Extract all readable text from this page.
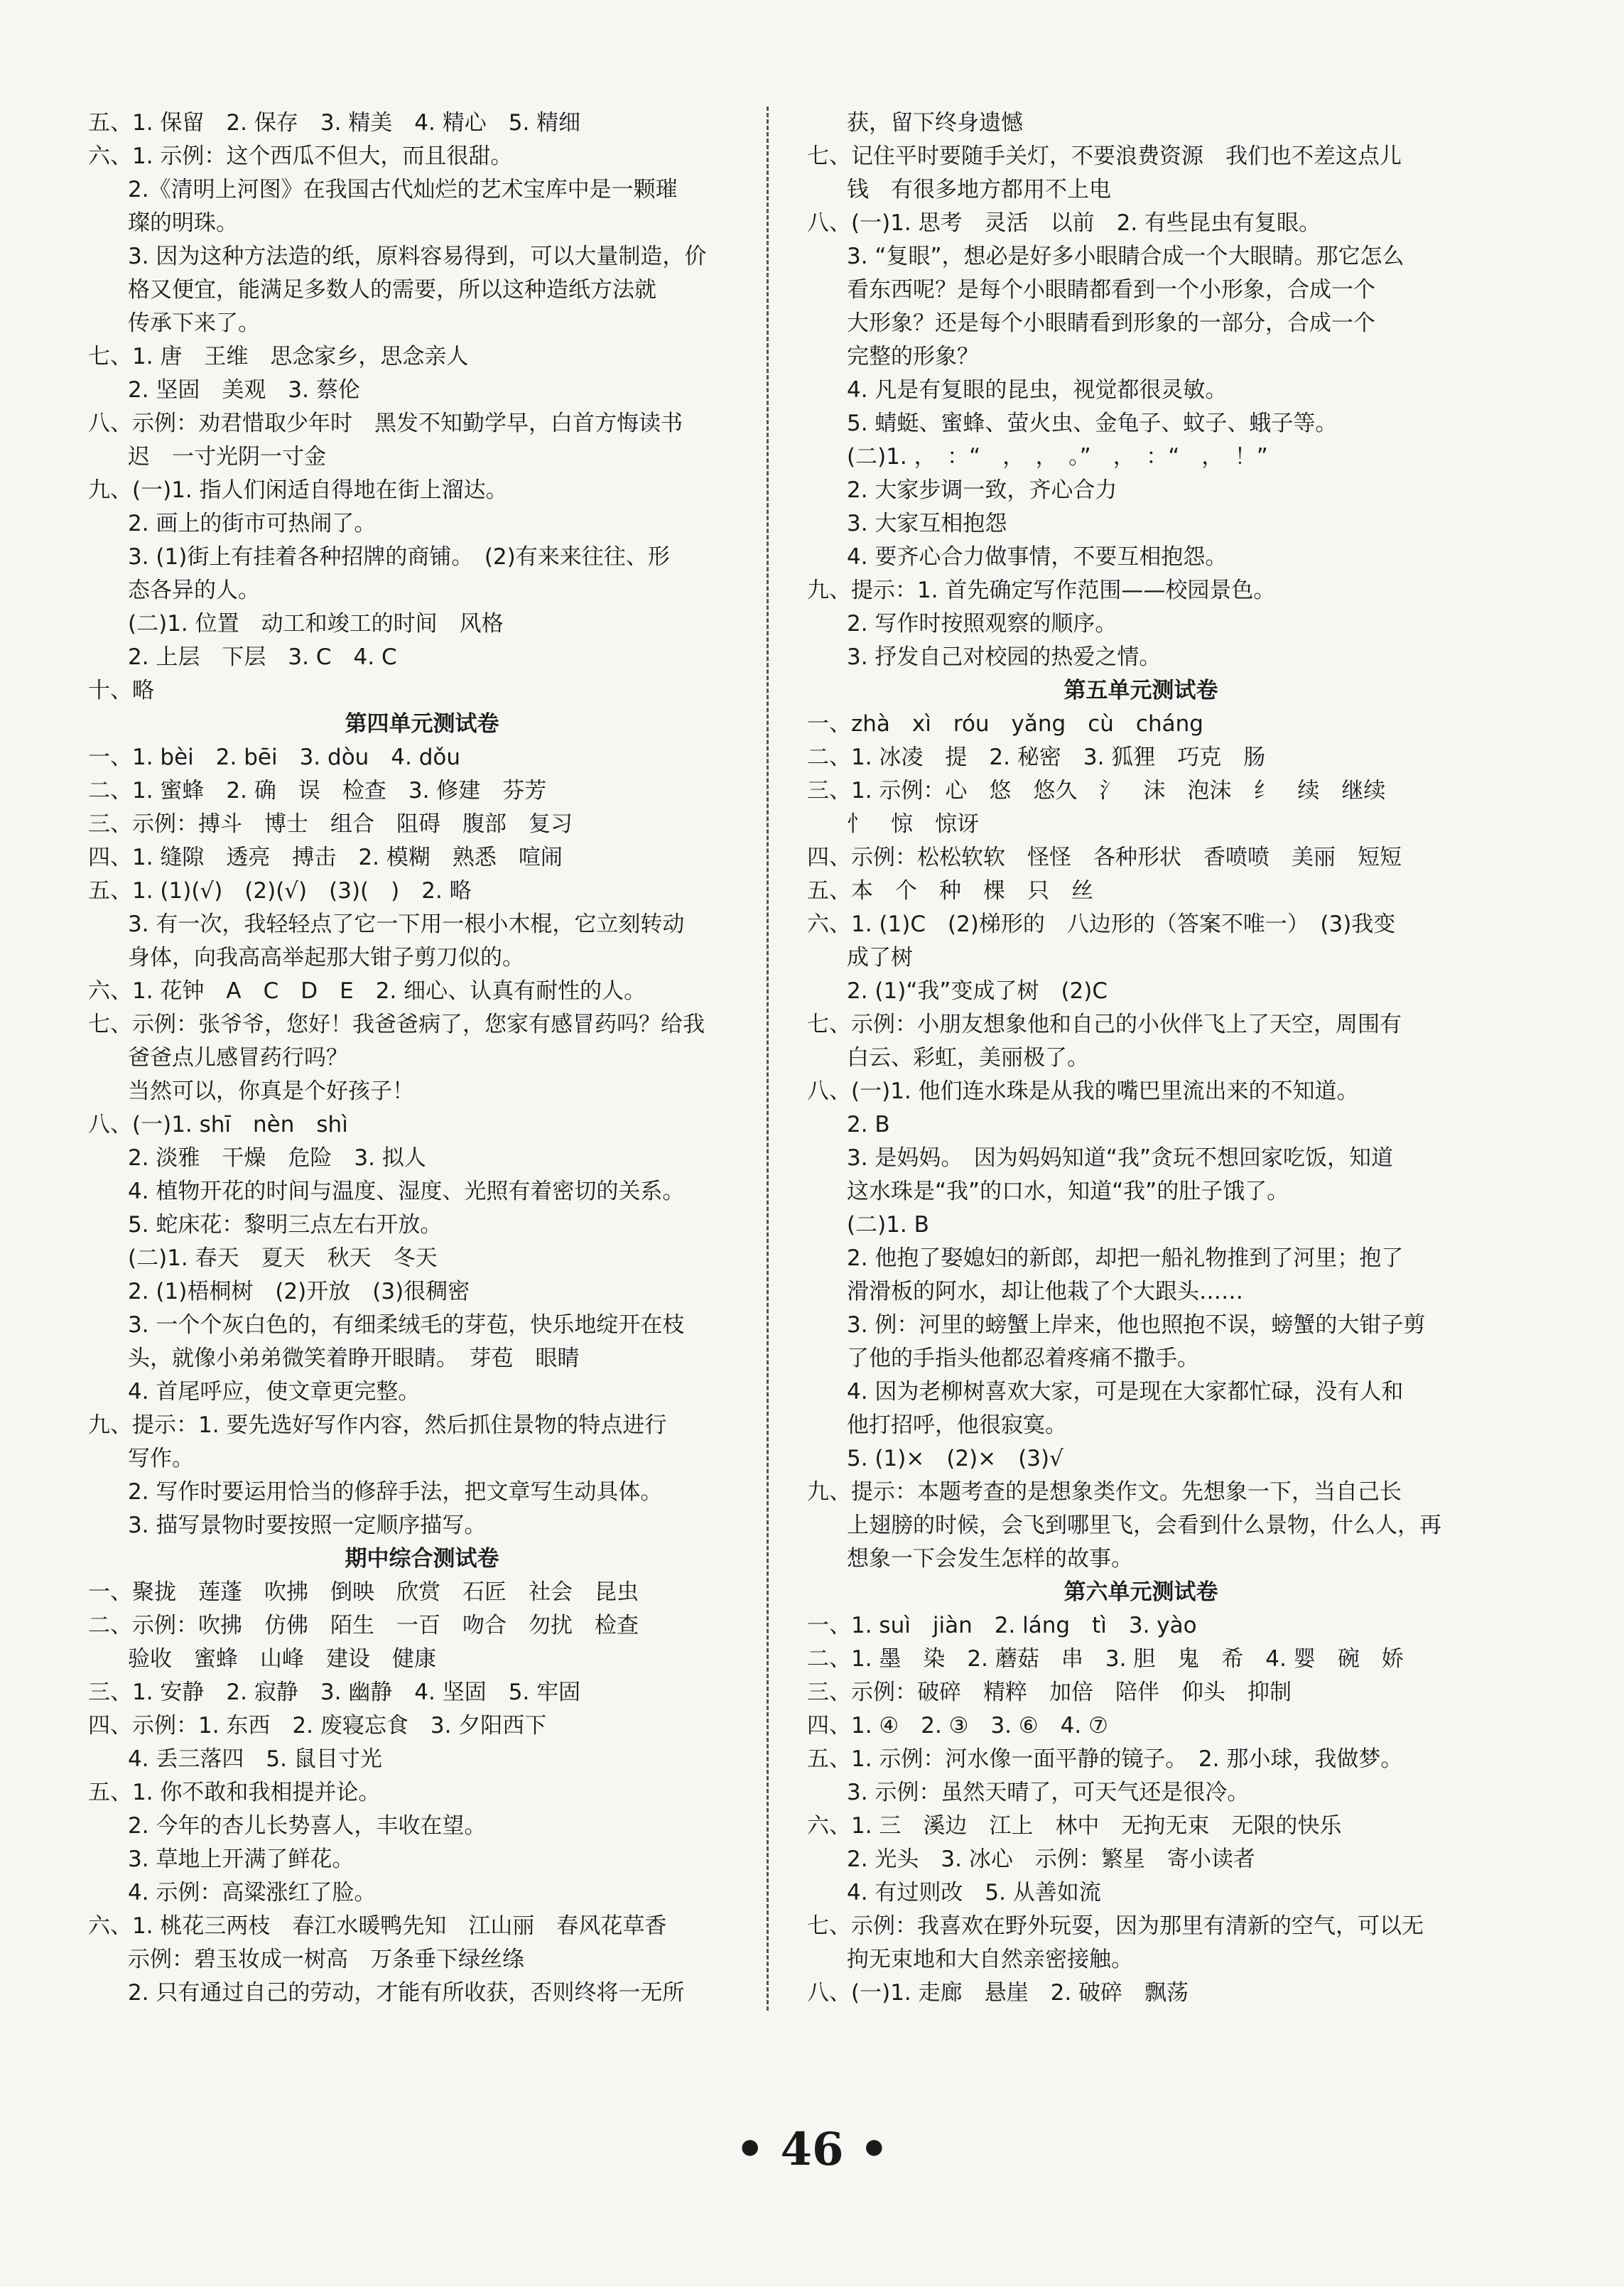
五、1. 保留　2. 保存　3. 精美　4. 精心　5. 精细
六、1. 示例：这个西瓜不但大，而且很甜。
2.《清明上河图》在我国古代灿烂的艺术宝库中是一颗璀
璨的明珠。
3. 因为这种方法造的纸，原料容易得到，可以大量制造，价
格又便宜，能满足多数人的需要，所以这种造纸方法就
传承下来了。
七、1. 唐　王维　思念家乡，思念亲人
2. 坚固　美观　3. 蔡伦
八、示例：劝君惜取少年时　黑发不知勤学早，白首方悔读书
迟　一寸光阴一寸金
九、(一)1. 指人们闲适自得地在街上溜达。
2. 画上的街市可热闹了。
3. (1)街上有挂着各种招牌的商铺。　(2)有来来往往、形
态各异的人。
(二)1. 位置　动工和竣工的时间　风格
2. 上层　下层　3. C　4. C
十、略
第四单元测试卷
一、1. bèi　2. bēi　3. dòu　4. dǒu
二、1. 蜜蜂　2. 确　误　检查　3. 修建　芬芳
三、示例：搏斗　博士　组合　阻碍　腹部　复习
四、1. 缝隙　透亮　搏击　2. 模糊　熟悉　喧闹
五、1. (1)(√)　(2)(√)　(3)(　)　2. 略
3. 有一次，我轻轻点了它一下用一根小木棍，它立刻转动
身体，向我高高举起那大钳子剪刀似的。
六、1. 花钟　A　C　D　E　2. 细心、认真有耐性的人。
七、示例：张爷爷，您好！我爸爸病了，您家有感冒药吗？给我
爸爸点儿感冒药行吗？
当然可以，你真是个好孩子！
八、(一)1. shī　nèn　shì
2. 淡雅　干燥　危险　3. 拟人
4. 植物开花的时间与温度、湿度、光照有着密切的关系。
5. 蛇床花：黎明三点左右开放。
(二)1. 春天　夏天　秋天　冬天
2. (1)梧桐树　(2)开放　(3)很稠密
3. 一个个灰白色的，有细柔绒毛的芽苞，快乐地绽开在枝
头，就像小弟弟微笑着睁开眼睛。　芽苞　眼睛
4. 首尾呼应，使文章更完整。
九、提示：1. 要先选好写作内容，然后抓住景物的特点进行
写作。
2. 写作时要运用恰当的修辞手法，把文章写生动具体。
3. 描写景物时要按照一定顺序描写。
期中综合测试卷
一、聚拢　莲蓬　吹拂　倒映　欣赏　石匠　社会　昆虫
二、示例：吹拂　仿佛　陌生　一百　吻合　勿扰　检查
验收　蜜蜂　山峰　建设　健康
三、1. 安静　2. 寂静　3. 幽静　4. 坚固　5. 牢固
四、示例：1. 东西　2. 废寝忘食　3. 夕阳西下
4. 丢三落四　5. 鼠目寸光
五、1. 你不敢和我相提并论。
2. 今年的杏儿长势喜人，丰收在望。
3. 草地上开满了鲜花。
4. 示例：高粱涨红了脸。
六、1. 桃花三两枝　春江水暖鸭先知　江山丽　春风花草香
示例：碧玉妆成一树高　万条垂下绿丝绦
2. 只有通过自己的劳动，才能有所收获，否则终将一无所
获，留下终身遗憾
七、记住平时要随手关灯，不要浪费资源　我们也不差这点儿
钱　有很多地方都用不上电
八、(一)1. 思考　灵活　以前　2. 有些昆虫有复眼。
3. “复眼”，想必是好多小眼睛合成一个大眼睛。那它怎么
看东西呢？是每个小眼睛都看到一个小形象，合成一个
大形象？还是每个小眼睛看到形象的一部分，合成一个
完整的形象？
4. 凡是有复眼的昆虫，视觉都很灵敏。
5. 蜻蜓、蜜蜂、萤火虫、金龟子、蚊子、蛾子等。
(二)1. ，　：“　，　，　。”　，　：“　，　！”
2. 大家步调一致，齐心合力
3. 大家互相抱怨
4. 要齐心合力做事情，不要互相抱怨。
九、提示：1. 首先确定写作范围——校园景色。
2. 写作时按照观察的顺序。
3. 抒发自己对校园的热爱之情。
第五单元测试卷
一、zhà　xì　róu　yǎng　cù　cháng
二、1. 冰凌　提　2. 秘密　3. 狐狸　巧克　肠
三、1. 示例：心　悠　悠久　氵　沫　泡沫　纟　续　继续
忄　惊　惊讶
四、示例：松松软软　怪怪　各种形状　香喷喷　美丽　短短
五、本　个　种　棵　只　丝
六、1. (1)C　(2)梯形的　八边形的（答案不唯一）　(3)我变
成了树
2. (1)“我”变成了树　(2)C
七、示例：小朋友想象他和自己的小伙伴飞上了天空，周围有
白云、彩虹，美丽极了。
八、(一)1. 他们连水珠是从我的嘴巴里流出来的不知道。
2. B
3. 是妈妈。　因为妈妈知道“我”贪玩不想回家吃饭，知道
这水珠是“我”的口水，知道“我”的肚子饿了。
(二)1. B
2. 他抱了娶媳妇的新郎，却把一船礼物推到了河里；抱了
滑滑板的阿水，却让他栽了个大跟头……
3. 例：河里的螃蟹上岸来，他也照抱不误，螃蟹的大钳子剪
了他的手指头他都忍着疼痛不撒手。
4. 因为老柳树喜欢大家，可是现在大家都忙碌，没有人和
他打招呼，他很寂寞。
5. (1)×　(2)×　(3)√
九、提示：本题考查的是想象类作文。先想象一下，当自己长
上翅膀的时候，会飞到哪里飞，会看到什么景物，什么人，再
想象一下会发生怎样的故事。
第六单元测试卷
一、1. suì　jiàn　2. láng　tì　3. yào
二、1. 墨　染　2. 蘑菇　串　3. 胆　鬼　希　4. 婴　碗　娇
三、示例：破碎　精粹　加倍　陪伴　仰头　抑制
四、1. ④　2. ③　3. ⑥　4. ⑦
五、1. 示例：河水像一面平静的镜子。　2. 那小球，我做梦。
3. 示例：虽然天晴了，可天气还是很冷。
六、1. 三　溪边　江上　林中　无拘无束　无限的快乐
2. 光头　3. 冰心　示例：繁星　寄小读者
4. 有过则改　5. 从善如流
七、示例：我喜欢在野外玩耍，因为那里有清新的空气，可以无
拘无束地和大自然亲密接触。
八、(一)1. 走廊　悬崖　2. 破碎　飘荡
• 46 •
